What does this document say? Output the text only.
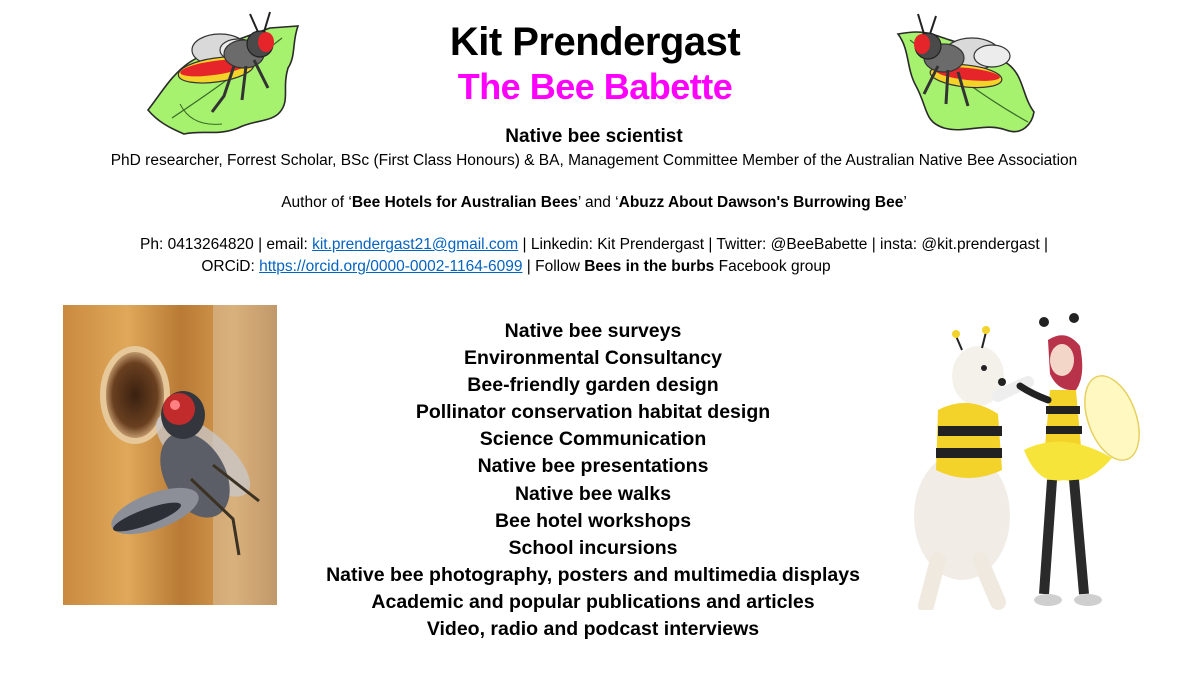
Kit Prendergast
The Bee Babette
Native bee scientist
PhD researcher, Forrest Scholar, BSc (First Class Honours) & BA, Management Committee Member of the Australian Native Bee Association
Author of ‘Bee Hotels for Australian Bees’ and ‘Abuzz About Dawson's Burrowing Bee’
Ph: 0413264820 | email: kit.prendergast21@gmail.com | Linkedin: Kit Prendergast | Twitter: @BeeBabette | insta: @kit.prendergast |
ORCiD: https://orcid.org/0000-0002-1164-6099 | Follow Bees in the burbs Facebook group
Native bee surveys
Environmental Consultancy
Bee-friendly garden design
Pollinator conservation habitat design
Science Communication
Native bee presentations
Native bee walks
Bee hotel workshops
School incursions
Native bee photography, posters and multimedia displays
Academic and popular publications and articles
Video, radio and podcast interviews
